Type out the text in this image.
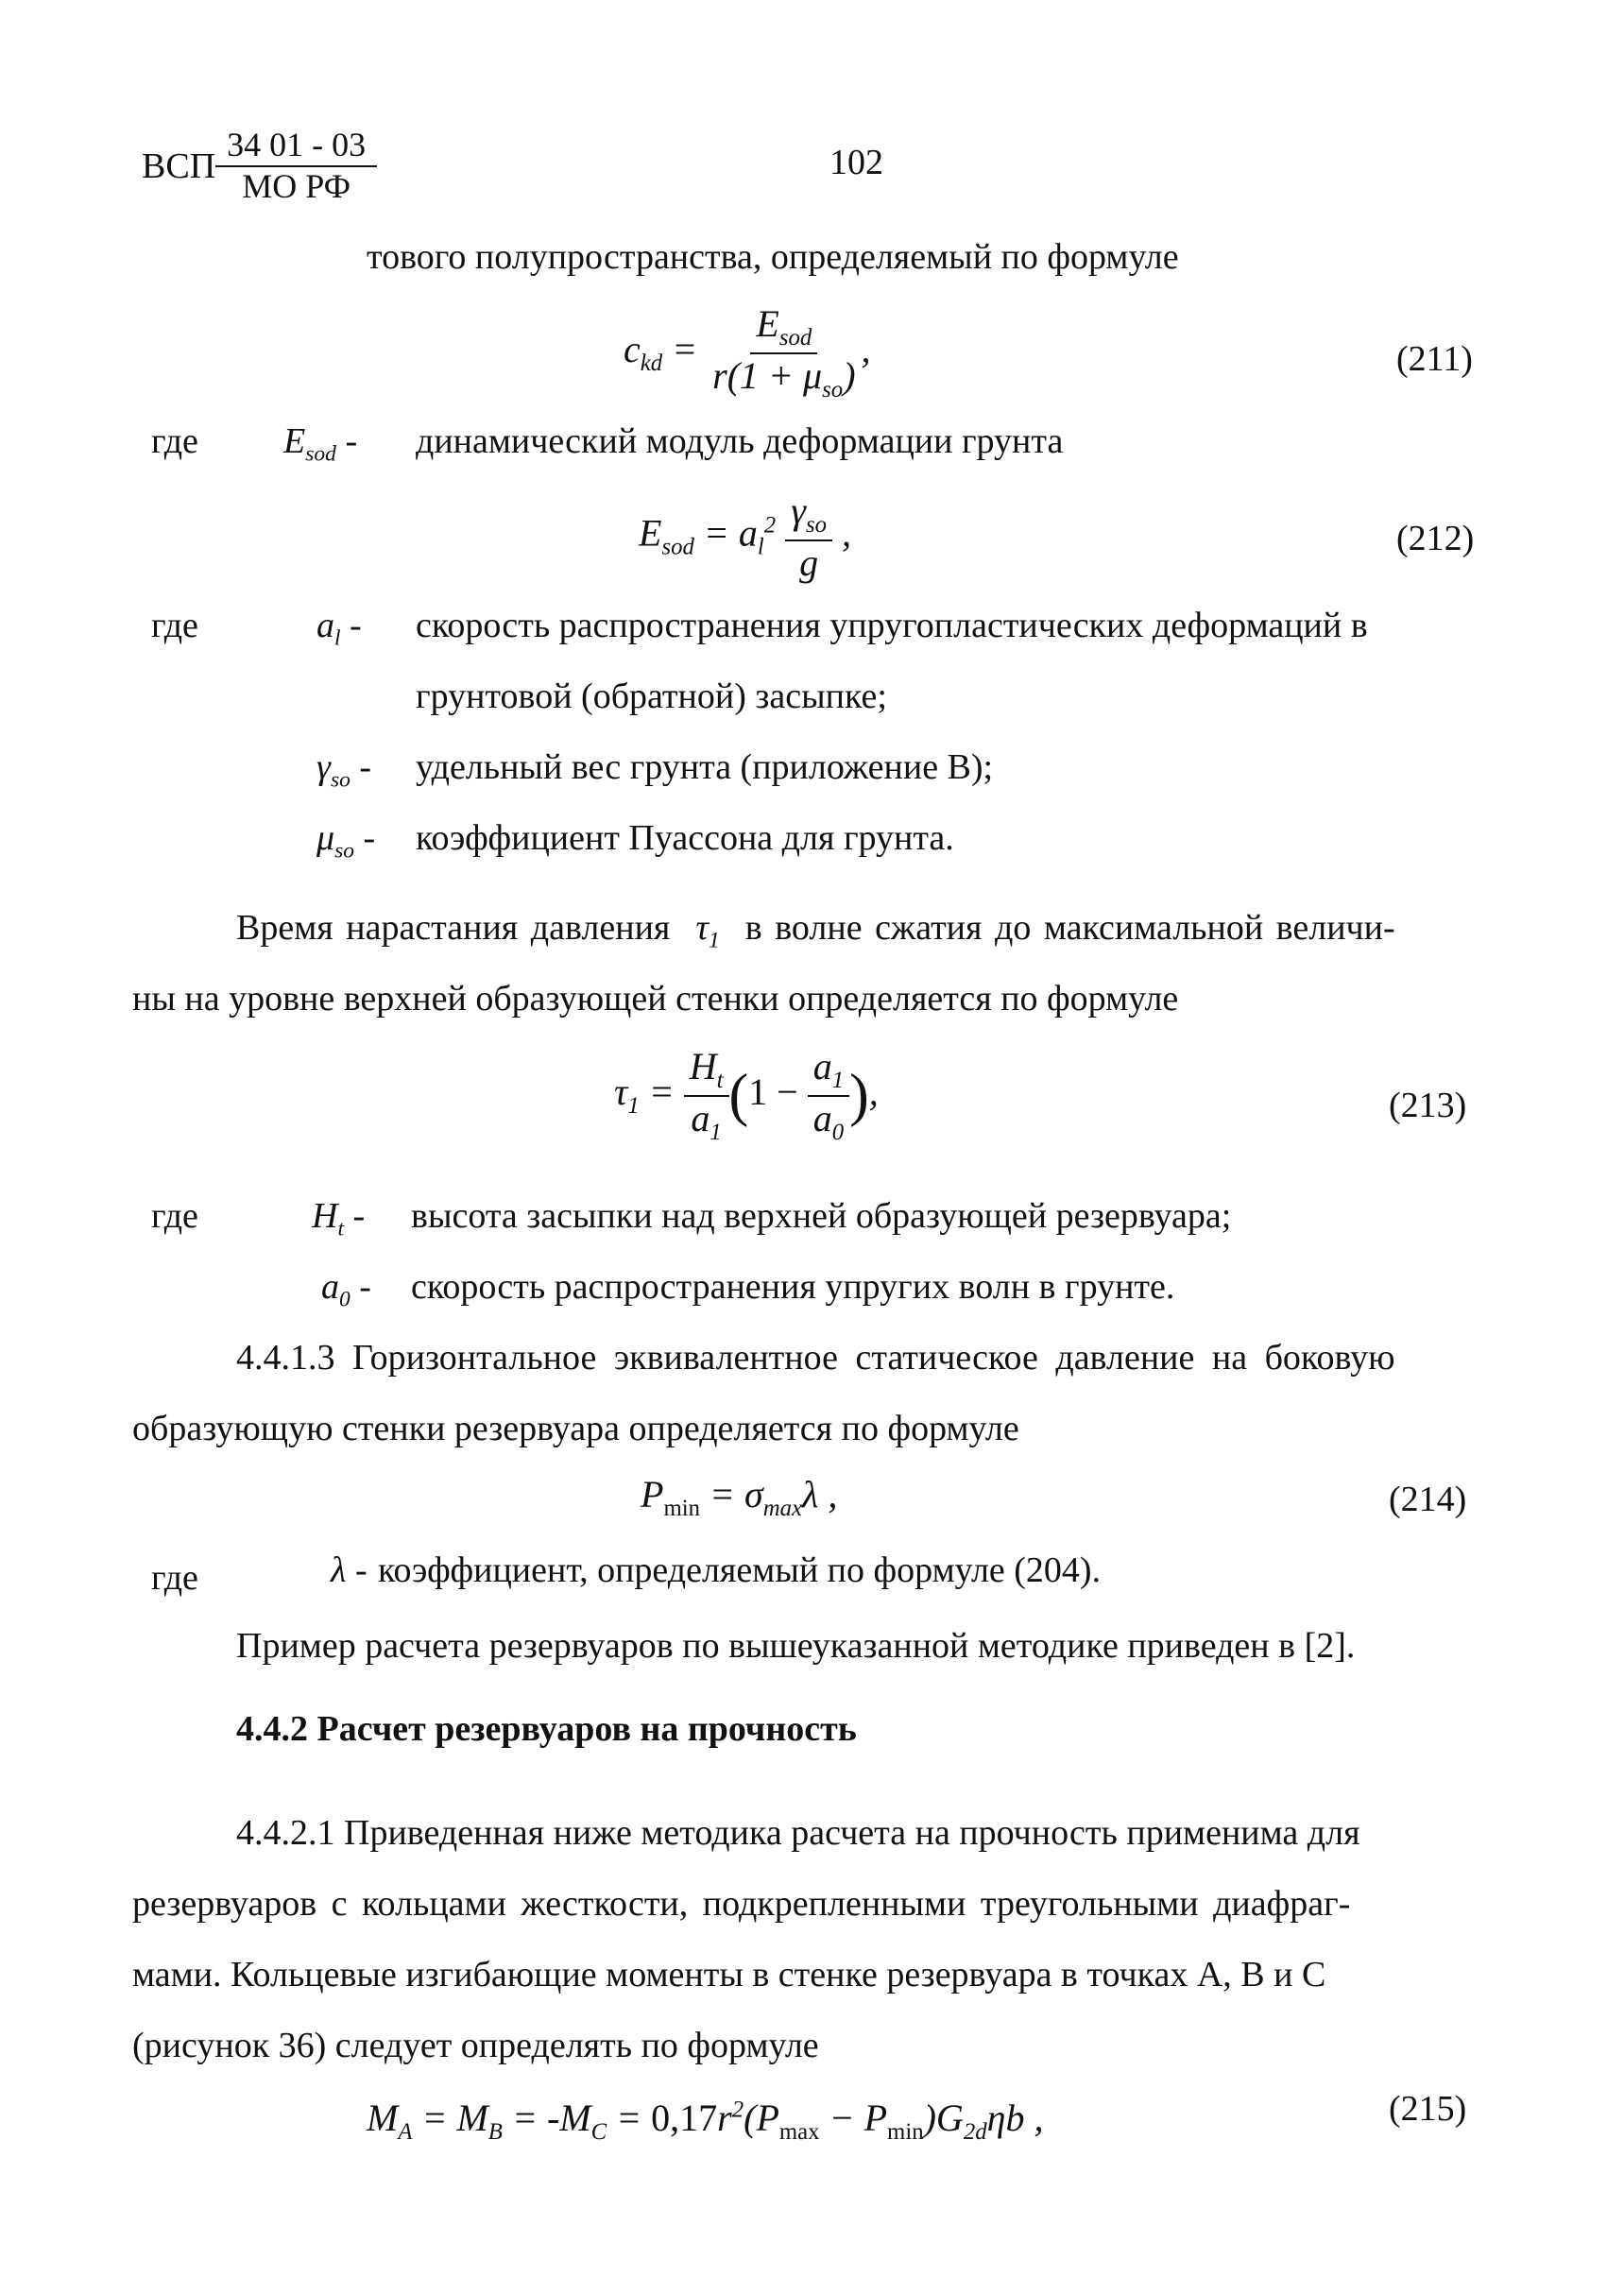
ВСП $\frac{34 01 - 03}{\text{МО РФ}}$	102
тового полупространства, определяемый по формуле
$c_{kd} = \frac{E_{sod}}{r(1 + \mu_{so})}$ ,	(211)
где $E_{sod}$ - динамический модуль деформации грунта
$E_{sod} = a_l^2 \frac{\gamma_{so}}{g}$ ,	(212)
где	$a_l$ - скорость распространения упругопластических деформаций в
грунтовой (обратной) засыпке;
$\gamma_{so}$ - удельный вес грунта (приложение В);
$\mu_{so}$ - коэффициент Пуассона для грунта.
Время нарастания давления  $\tau_1$ в волне сжатия до максимальной величи-
ны на уровне верхней образующей стенки определяется по формуле
$\tau_1 = \frac{H_t}{a_1} (1 - \frac{a_1}{a_0}$ ),	(213)
где	$H_t$ - высота засыпки над верхней образующей резервуара;
$a_0$ - скорость распространения упругих волн в грунте.
4.4.1.3 Горизонтальное эквивалентное статическое давление на боковую
образующую стенки резервуара определяется по формуле
$P_{min} = \sigma_{max}\lambda$ ,	(214)
где	λ - коэффициент, определяемый по формуле (204).
Пример расчета резервуаров по вышеуказанной методике приведен в [2].
4.4.2 Расчет резервуаров на прочность
4.4.2.1 Приведенная ниже методика расчета на прочность применима для
резервуаров с кольцами жесткости, подкрепленными треугольными диафраг-
мами. Кольцевые изгибающие моменты в стенке резервуара в точках А, В и С
(рисунок 36) следует определять по формуле
$M_A = M_B = -M_C = 0,17r^2(P_{max} - P_{min})G_{2d}\eta b$ ,	(215)
